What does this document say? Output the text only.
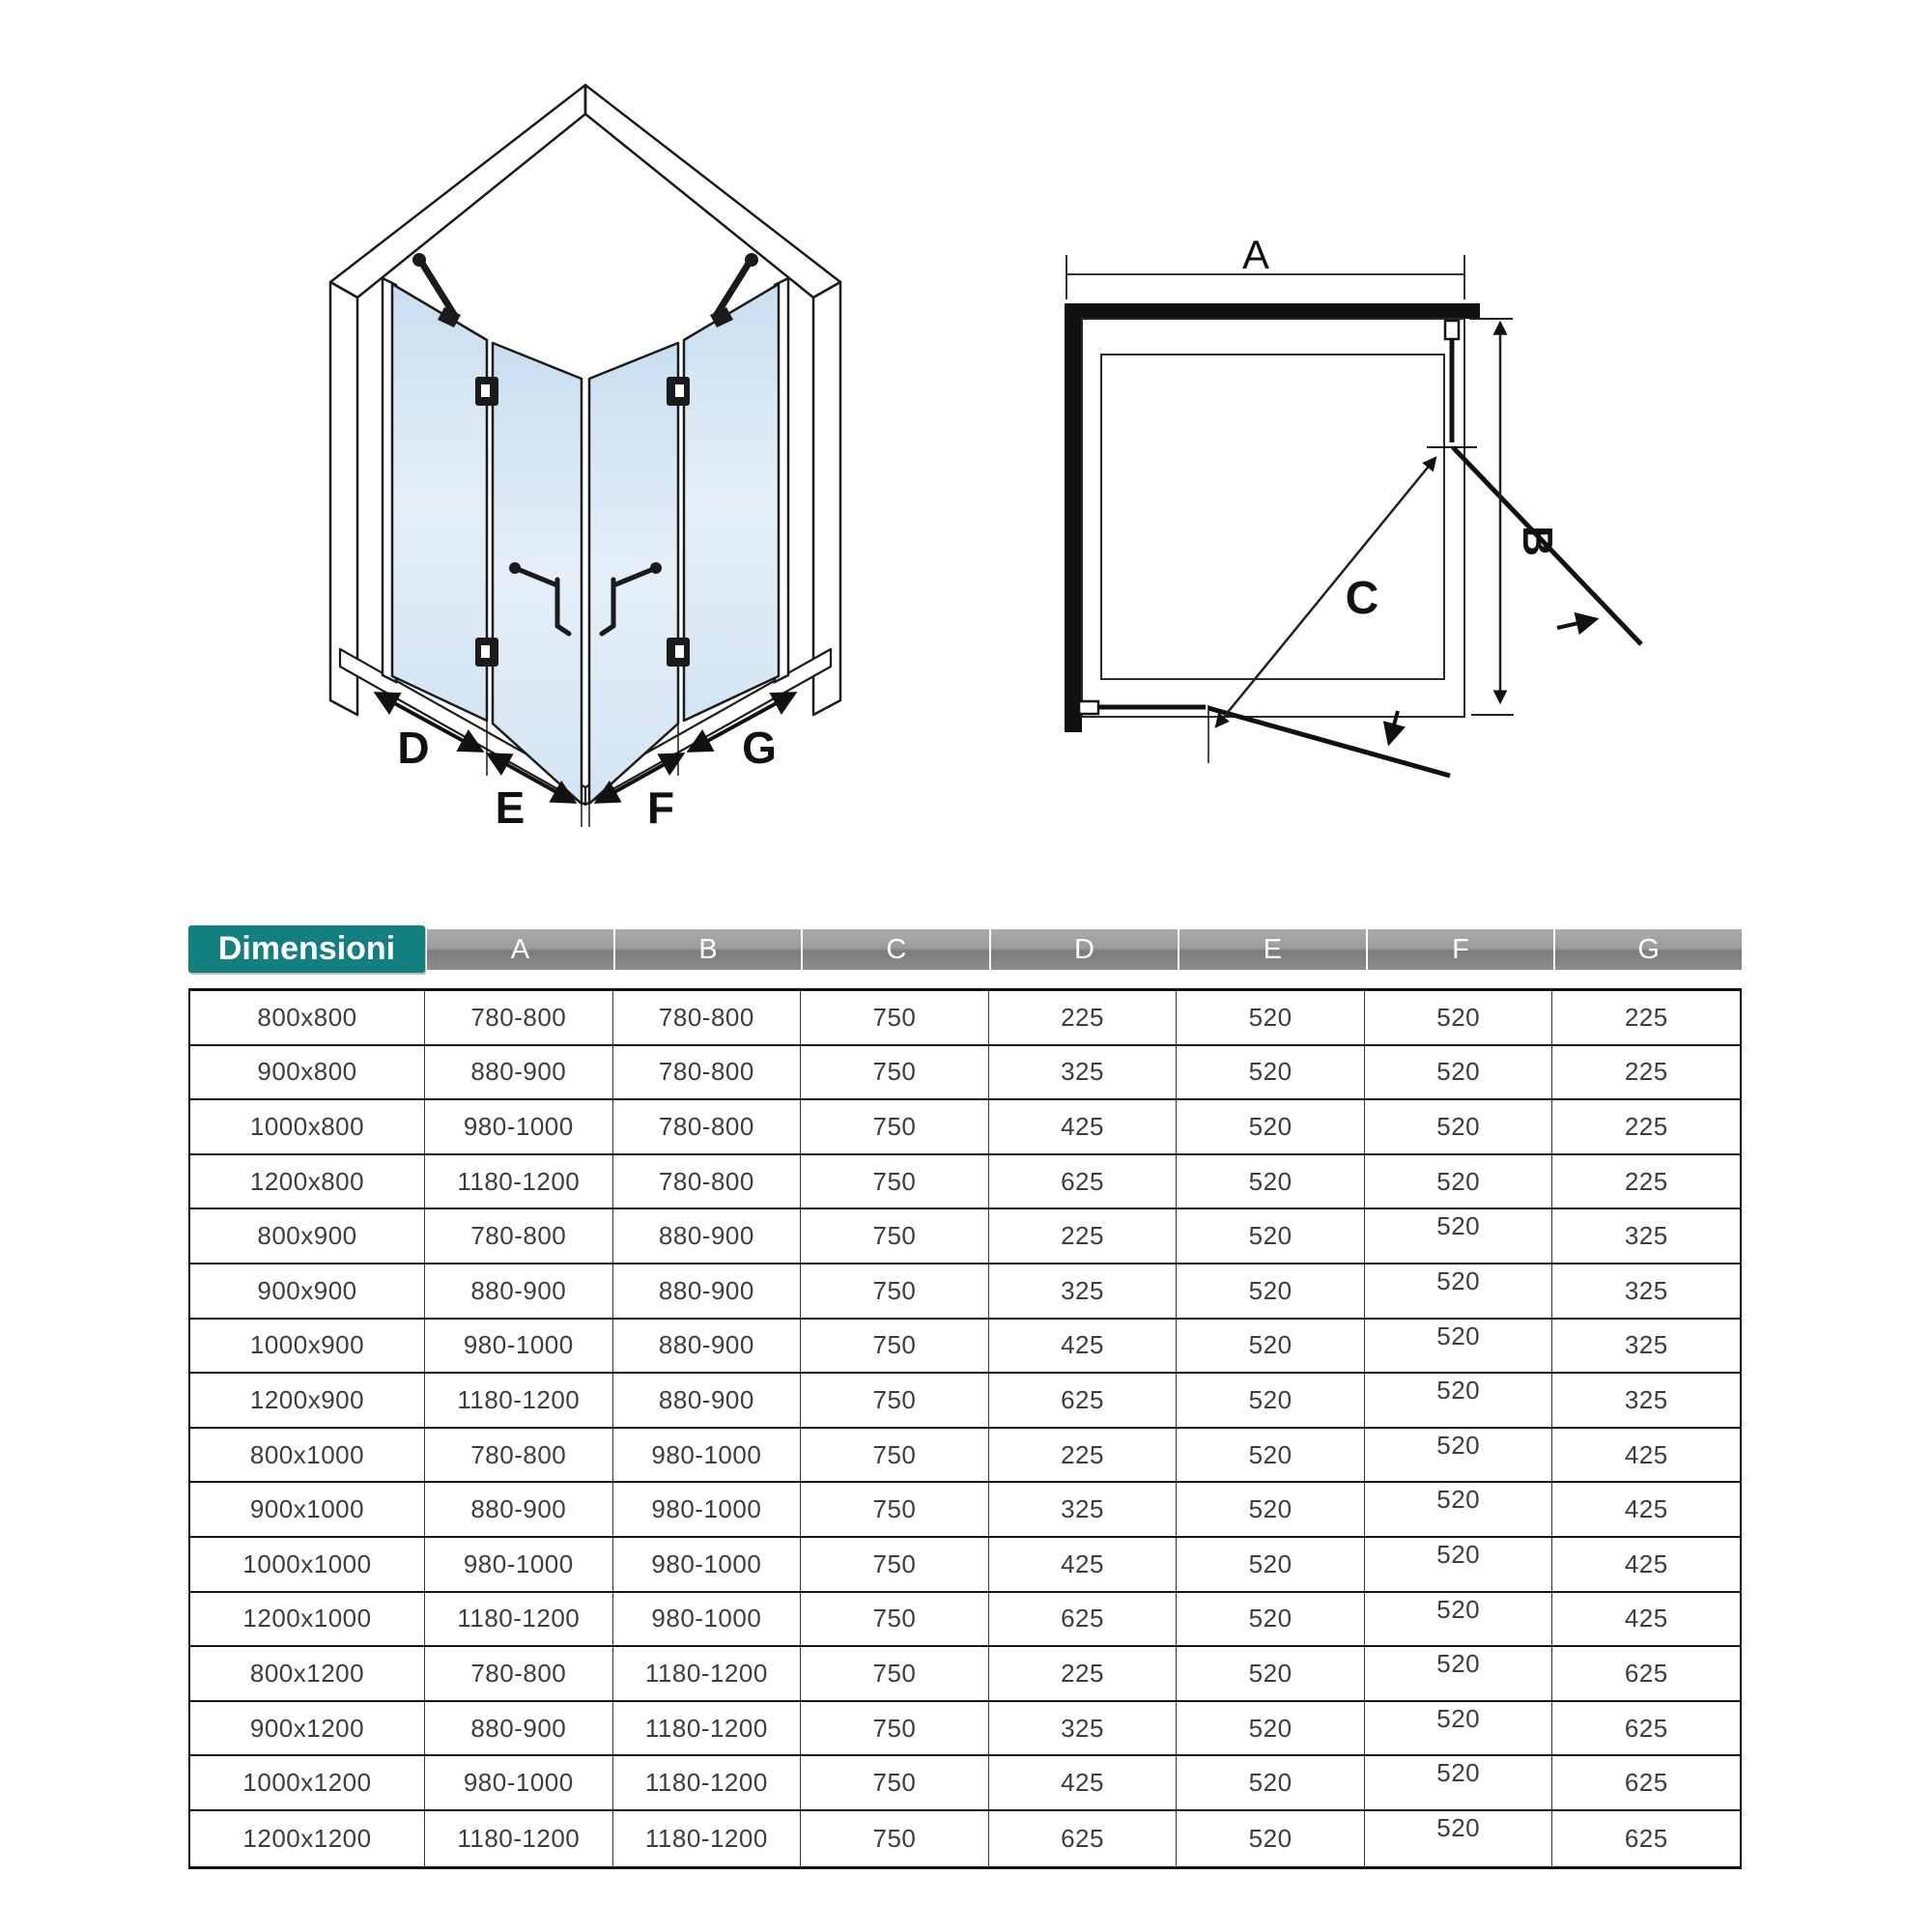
D
E	F
G
A
B
C
Dimensioni	A	B	C	D	E	F	G
800x800	780-800	780-800	750	225	520	520	225
900x800	880-900	780-800	750	325	520	520	225
1000x800	980-1000	780-800	750	425	520	520	225
1200x800	1180-1200	780-800	750	625	520	520	225
800x900	780-800	880-900	750	225	520	520	325
900x900	880-900	880-900	750	325	520	520	325
1000x900	980-1000	880-900	750	425	520	520	325
1200x900	1180-1200	880-900	750	625	520	520	325
800x1000	780-800	980-1000	750	225	520	520	425
900x1000	880-900	980-1000	750	325	520	520	425
1000x1000	980-1000	980-1000	750	425	520	520	425
1200x1000	1180-1200	980-1000	750	625	520	520	425
800x1200	780-800	1180-1200	750	225	520	520	625
900x1200	880-900	1180-1200	750	325	520	520	625
1000x1200	980-1000	1180-1200	750	425	520	520	625
1200x1200	1180-1200	1180-1200	750	625	520	520	625
